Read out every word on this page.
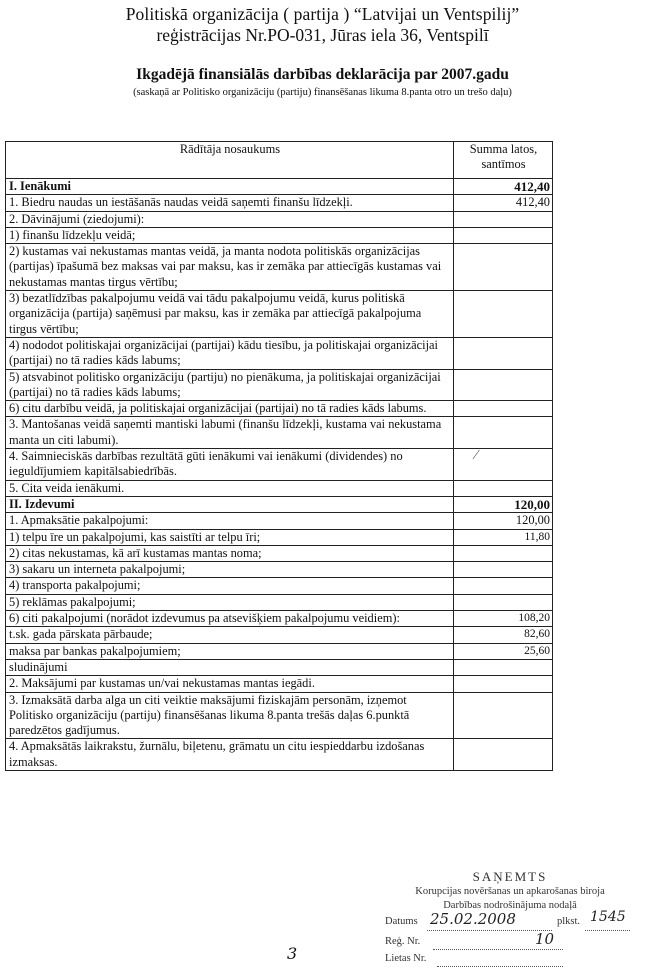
Politiskā organizācija ( partija ) “Latvijai un Ventspilij”
reģistrācijas Nr.PO-031, Jūras iela 36, Ventspilī
Ikgadējā finansiālās darbības deklarācija par 2007.gadu
(saskaņā ar Politisko organizāciju (partiju) finansēšanas likuma 8.panta otro un trešo daļu)
Rādītāja nosaukums	Summa latos,
santīmos
I. Ienākumi	412,40
1. Biedru naudas un iestāšanās naudas veidā saņemti finanšu līdzekļi.	412,40
2. Dāvinājumi (ziedojumi):	
1) finanšu līdzekļu veidā;	
2) kustamas vai nekustamas mantas veidā, ja manta nodota politiskās organizācijas (partijas) īpašumā bez maksas vai par maksu, kas ir zemāka par attiecīgās kustamas vai nekustamas mantas tirgus vērtību;	
3) bezatlīdzības pakalpojumu veidā vai tādu pakalpojumu veidā, kurus politiskā organizācija (partija) saņēmusi par maksu, kas ir zemāka par attiecīgā pakalpojuma tirgus vērtību;	
4) nododot politiskajai organizācijai (partijai) kādu tiesību, ja politiskajai organizācijai (partijai) no tā radies kāds labums;	
5) atsvabinot politisko organizāciju (partiju) no pienākuma, ja politiskajai organizācijai (partijai) no tā radies kāds labums;	
6) citu darbību veidā, ja politiskajai organizācijai (partijai) no tā radies kāds labums.	
3. Mantošanas veidā saņemti mantiski labumi (finanšu līdzekļi, kustama vai nekustama manta un citi labumi).	
4. Saimnieciskās darbības rezultātā gūti ienākumi vai ienākumi (dividendes) no ieguldījumiem kapitālsabiedrībās.	⁄

5. Cita veida ienākumi.	
II. Izdevumi	120,00
1. Apmaksātie pakalpojumi:	120,00
1) telpu īre un pakalpojumi, kas saistīti ar telpu īri;	11,80
2) citas nekustamas, kā arī kustamas mantas noma;	
3) sakaru un interneta pakalpojumi;	
4) transporta pakalpojumi;	
5) reklāmas pakalpojumi;	
6) citi pakalpojumi (norādot izdevumus pa atsevišķiem pakalpojumu veidiem):	108,20
t.sk. gada pārskata pārbaude;	82,60
maksa par bankas pakalpojumiem;	25,60
sludinājumi	
2. Maksājumi par kustamas un/vai nekustamas mantas iegādi.	
3. Izmaksātā darba alga un citi veiktie maksājumi fiziskajām personām, izņemot Politisko organizāciju (partiju) finansēšanas likuma 8.panta trešās daļas 6.punktā paredzētos gadījumus.	
4. Apmaksātās laikrakstu, žurnālu, biļetenu, grāmatu un citu iespieddarbu izdošanas izmaksas.	
SAŅEMTS
Korupcijas novēršanas un apkarošanas biroja
Darbības nodrošinājuma nodaļā
Datums 25.02.2008	plkst. 1545
Reģ. Nr.	10
Lietas Nr.
3
